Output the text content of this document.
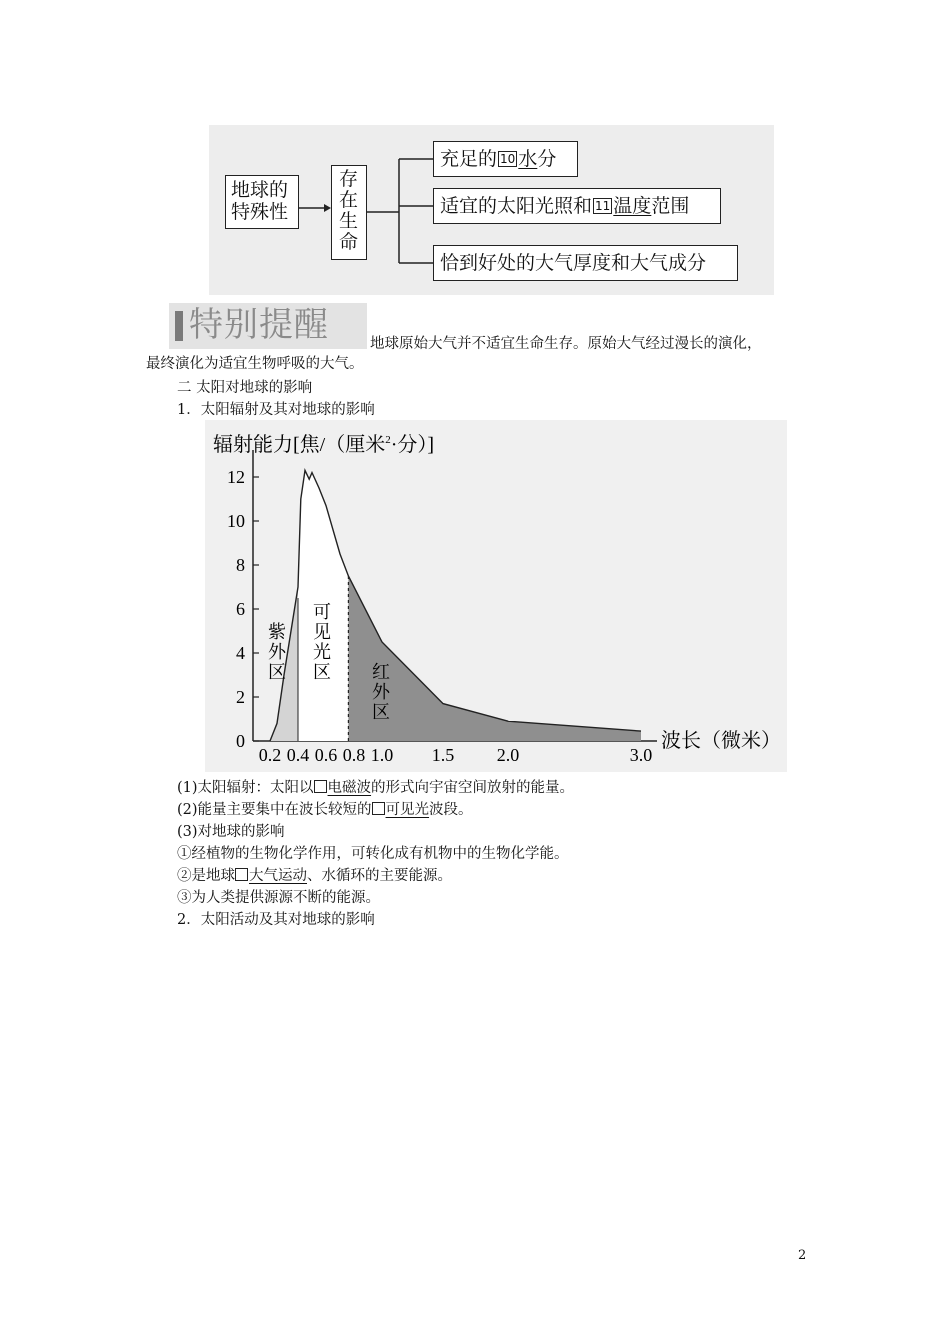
地球的
特殊性
存
在
生
命
充足的 10 水分
适宜的太阳光照和 11 温度范围
恰到好处的大气厚度和大气成分
特别提醒	地球原始大气并不适宜生命生存。原始大气经过漫长的演化，
最终演化为适宜生物呼吸的大气。
二 太阳对地球的影响
1．太阳辐射及其对地球的影响
辐射能力[焦/（厘米$^2$·分）]
波长（微米）
0
2
4
6
8
10
12
0.2 0.4 0.6 0.8 1.0 1.5 2.0	3.0
紫
外
区
可
见
光
区 红
外
区
(1)太阳辐射：太阳以 电磁波的形式向宇宙空间放射的能量。
(2)能量主要集中在波长较短的 可见光波段。
(3)对地球的影响
①经植物的生物化学作用，可转化成有机物中的生物化学能。
②是地球 大气运动、水循环的主要能源。
③为人类提供源源不断的能源。
2．太阳活动及其对地球的影响
2
